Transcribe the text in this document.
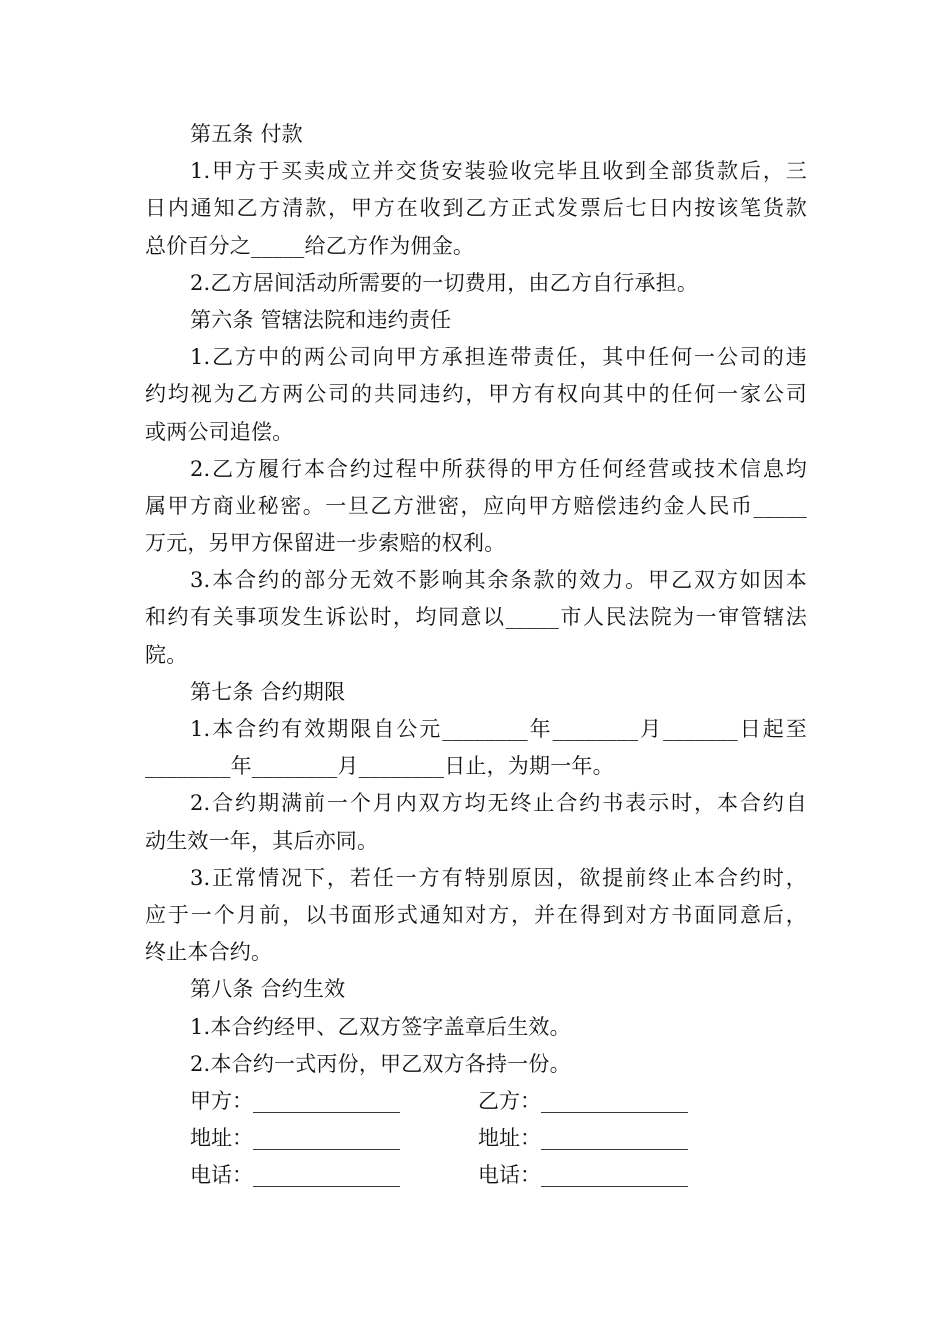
第五条 付款
1.甲方于买卖成立并交货安装验收完毕且收到全部货款后，三
日内通知乙方清款，甲方在收到乙方正式发票后七日内按该笔货款
总价百分之_____给乙方作为佣金。
2.乙方居间活动所需要的一切费用，由乙方自行承担。
第六条 管辖法院和违约责任
1.乙方中的两公司向甲方承担连带责任，其中任何一公司的违
约均视为乙方两公司的共同违约，甲方有权向其中的任何一家公司
或两公司追偿。
2.乙方履行本合约过程中所获得的甲方任何经营或技术信息均
属甲方商业秘密。一旦乙方泄密，应向甲方赔偿违约金人民币_____
万元，另甲方保留进一步索赔的权利。
3.本合约的部分无效不影响其余条款的效力。甲乙双方如因本
和约有关事项发生诉讼时，均同意以_____市人民法院为一审管辖法
院。
第七条 合约期限
1.本合约有效期限自公元________年________月_______日起至
________年________月________日止，为期一年。
2.合约期满前一个月内双方均无终止合约书表示时，本合约自
动生效一年，其后亦同。
3.正常情况下，若任一方有特别原因，欲提前终止本合约时，
应于一个月前，以书面形式通知对方，并在得到对方书面同意后，
终止本合约。
第八条 合约生效
1.本合约经甲、乙双方签字盖章后生效。
2.本合约一式丙份，甲乙双方各持一份。
甲方：______________	乙方：______________
地址：______________	地址：______________
电话：______________	电话：______________
